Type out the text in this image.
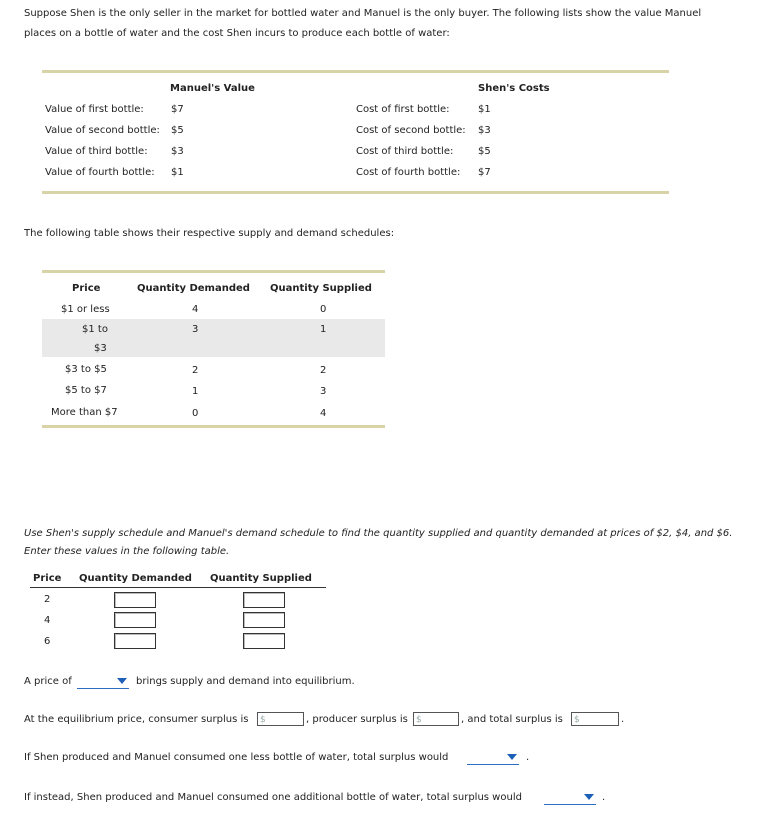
Suppose Shen is the only seller in the market for bottled water and Manuel is the only buyer. The following lists show the value Manuel
places on a bottle of water and the cost Shen incurs to produce each bottle of water:
Manuel's Value	Shen's Costs
Value of first bottle:	$7
Value of second bottle: $5
Value of third bottle: $3
Value of fourth bottle: $1
Cost of first bottle:	$1
Cost of second bottle: $3
Cost of third bottle: $5
Cost of fourth bottle: $7
The following table shows their respective supply and demand schedules:
Price	Quantity Demanded Quantity Supplied
$1 or less	4	0
$1 to	3	1
$3
$3 to $5	2	2
$5 to $7	1	3
More than $7	0	4
Use Shen's supply schedule and Manuel's demand schedule to find the quantity supplied and quantity demanded at prices of $2, $4, and $6.
Enter these values in the following table.
Price Quantity Demanded Quantity Supplied
2
4
6
A price of	brings supply and demand into equilibrium.
At the equilibrium price, consumer surplus is	$	, producer surplus is $	, and total surplus is	$	.
If Shen produced and Manuel consumed one less bottle of water, total surplus would	.
If instead, Shen produced and Manuel consumed one additional bottle of water, total surplus would	.
